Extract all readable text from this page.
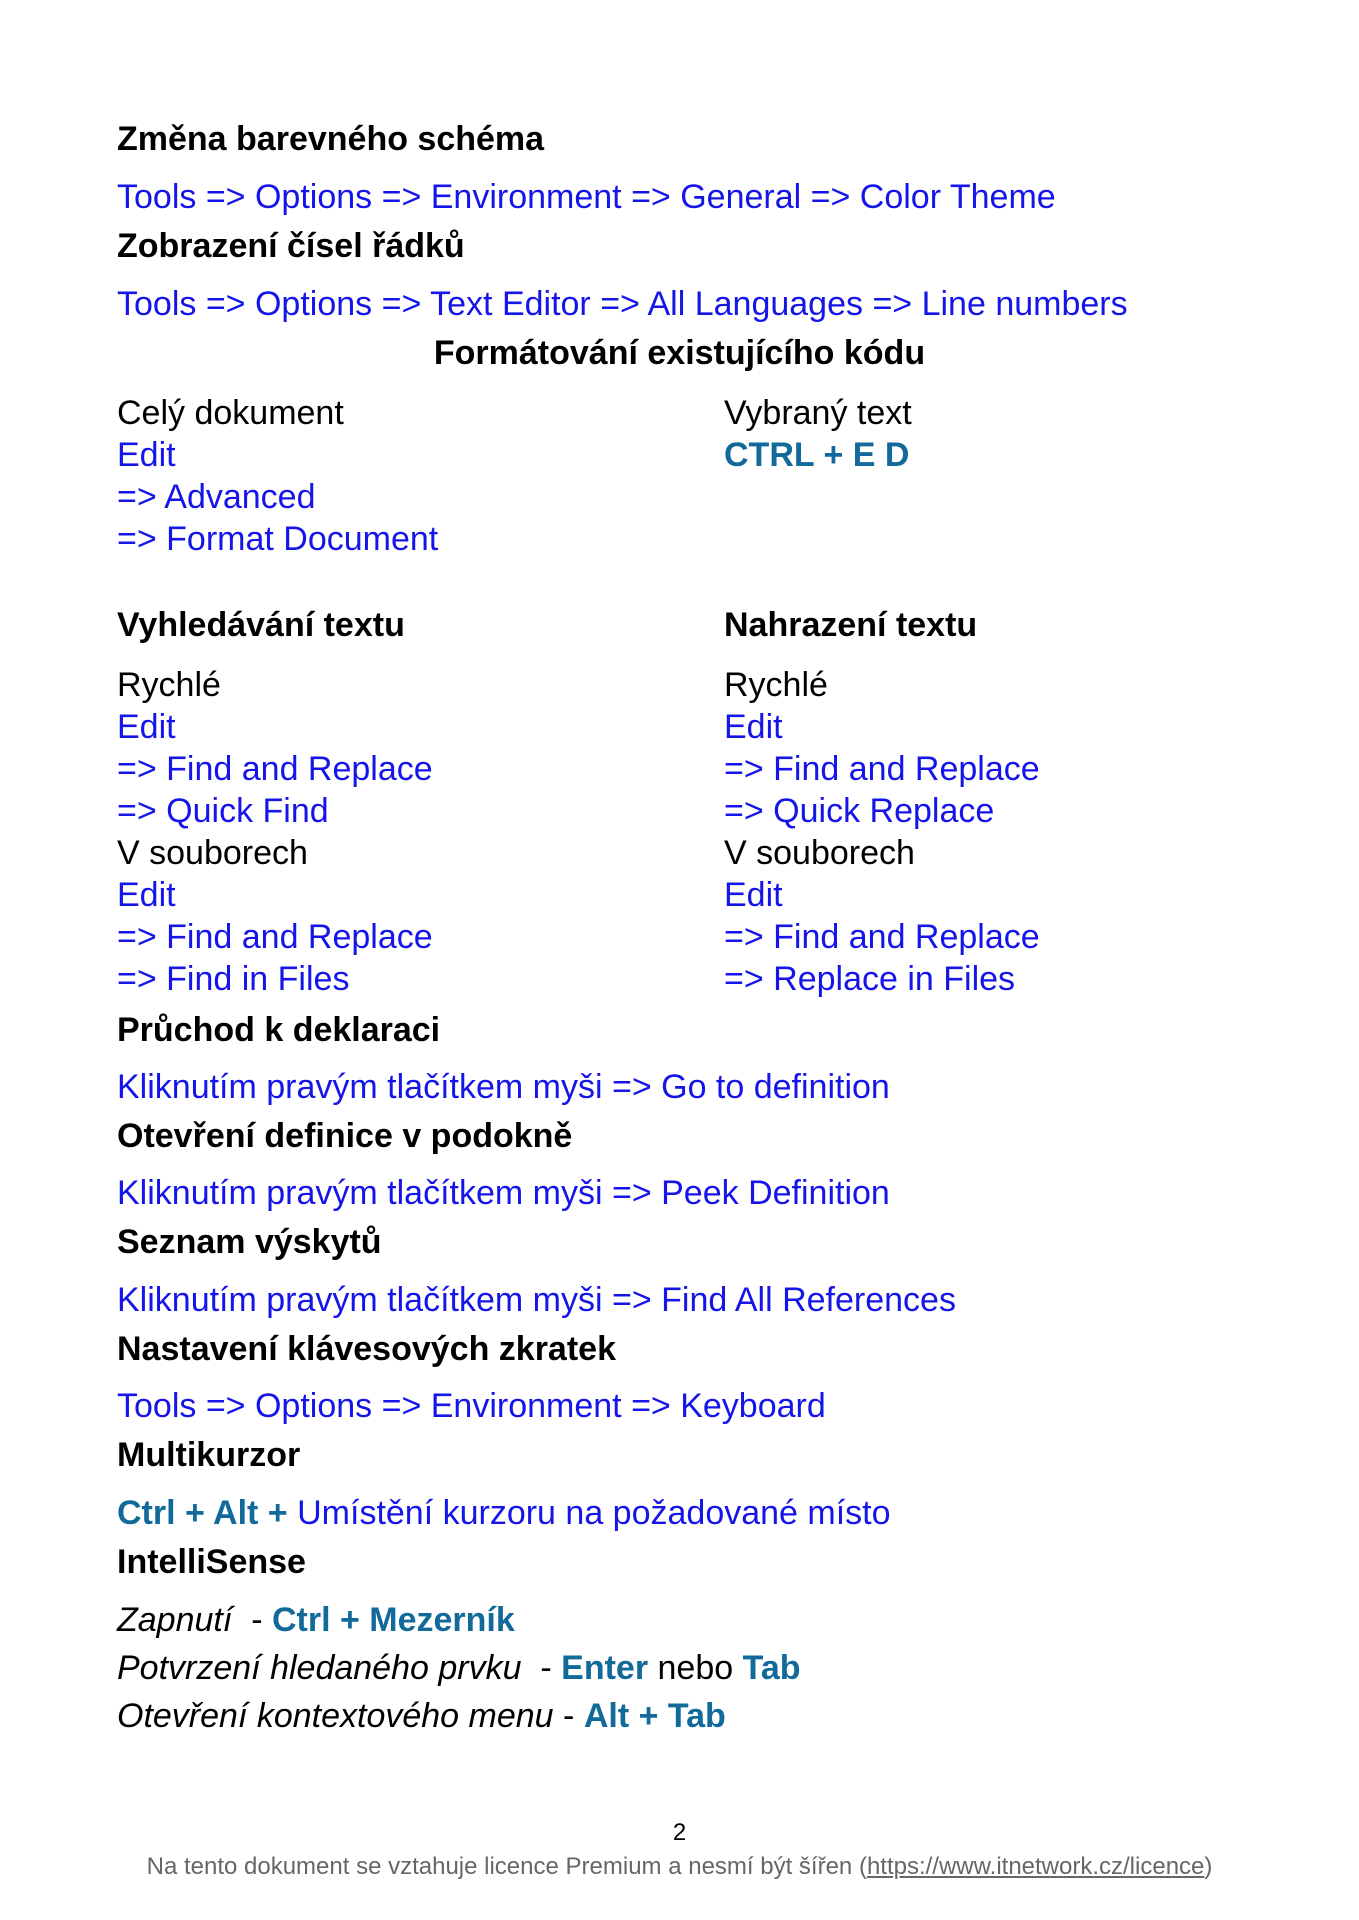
Změna barevného schéma
Tools => Options => Environment => General => Color Theme
Zobrazení čísel řádků
Tools => Options => Text Editor => All Languages => Line numbers
Formátování existujícího kódu
Celý dokument
Edit
=> Advanced
=> Format Document
Vybraný text
CTRL + E D
Vyhledávání textu	Nahrazení textu
Rychlé
Edit
=> Find and Replace
=> Quick Find
V souborech
Edit
=> Find and Replace
=> Find in Files
Rychlé
Edit
=> Find and Replace
=> Quick Replace
V souborech
Edit
=> Find and Replace
=> Replace in Files
Průchod k deklaraci
Kliknutím pravým tlačítkem myši => Go to definition
Otevření definice v podokně
Kliknutím pravým tlačítkem myši => Peek Definition
Seznam výskytů
Kliknutím pravým tlačítkem myši => Find All References
Nastavení klávesových zkratek
Tools => Options => Environment => Keyboard
Multikurzor
Ctrl + Alt + Umístění kurzoru na požadované místo
IntelliSense
Zapnutí  - Ctrl + Mezerník
Potvrzení hledaného prvku  - Enter nebo Tab
Otevření kontextového menu - Alt + Tab
2
Na tento dokument se vztahuje licence Premium a nesmí být šířen (https://www.itnetwork.cz/licence)
